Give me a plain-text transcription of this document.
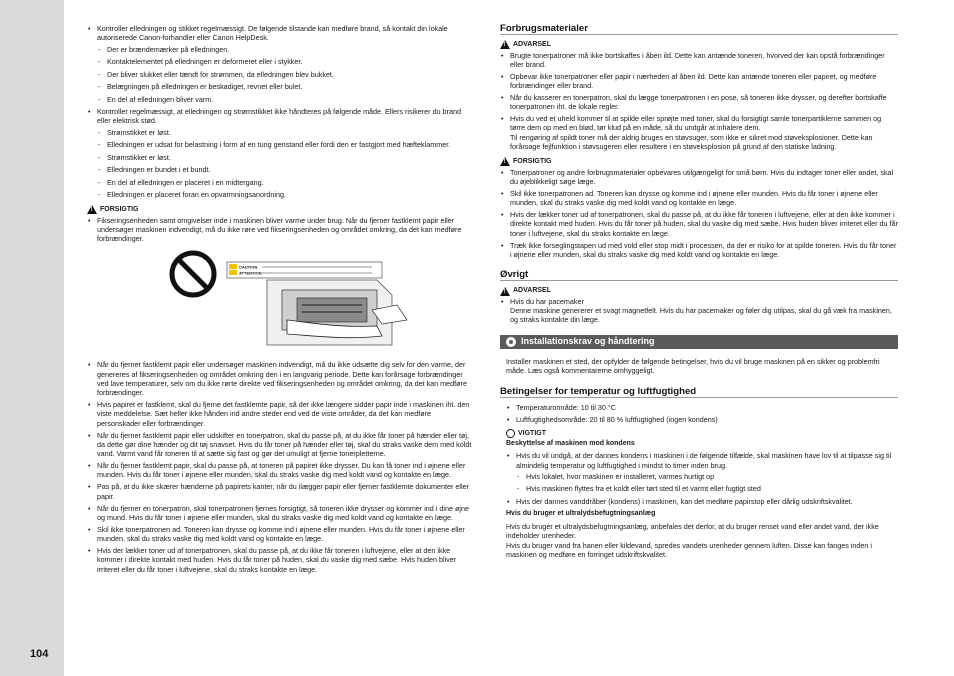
104
• Kontroller elledningen og stikket regelmæssigt. De følgende tilstande kan medføre brand, så kontakt din lokale autoriserede Canon-forhandler eller Canon HelpDesk.
- Der er brændemærker på elledningen.
- Kontaktelementet på elledningen er deformeret eller i stykker.
- Der bliver slukket eller tændt for strømmen, da elledningen blev bukket.
- Belægningen på elledningen er beskadiget, revnet eller bulet.
- En del af elledningen bliver varm.
• Kontroller regelmæssigt, at elledningen og strømstikket ikke håndteres på følgende måde. Ellers risikerer du brand eller elektrisk stød.
- Strømstikket er løst.
- Elledningen er udsat for belastning i form af en tung genstand eller fordi den er fastgjort med hæfteklammer.
- Strømstikket er løst.
- Elledningen er bundet i et bundt.
- En del af elledningen er placeret i en midtergang.
- Elledningen er placeret foran en opvarmningsanordning.
!
FORSIGTIG
• Fikseringsenheden samt omgivelser inde i maskinen bliver varme under brug. Når du fjerner fastklemt papir eller undersøger maskinen indvendigt, må du ikke røre ved fikseringsenheden og området omkring, da det kan medføre forbrændinger.
CAUTION
ATTENTION
• Når du fjerner fastklemt papir eller undersøger maskinen indvendigt, må du ikke udsætte dig selv for den varme, der genereres af fikseringsenheden og området omkring den i en langvarig periode. Dette kan forårsage forbrændinger ved lave temperaturer, selv om du ikke rørte direkte ved fikseringsenheden og området omkring, da det kan medføre forbrændinger.
• Hvis papiret er fastklemt, skal du fjerne det fastklemte papir, så der ikke længere sidder papir inde i maskinen iht. den viste meddelelse. Sæt heller ikke hånden ind andre steder end ved de viste områder, da det kan medføre personskader eller forbrændinger.
• Når du fjerner fastklemt papir eller udskifter en tonerpatron, skal du passe på, at du ikke får toner på hænder eller tøj, da dette gør dine hænder og dit tøj snavset. Hvis du får toner på hænder eller tøj, skal du straks vaske dem med koldt vand. Varmt vand får toneren til at sætte sig fast og gør det umuligt at fjerne tonerpletterne.
• Når du fjerner fastklemt papir, skal du passe på, at toneren på papiret ikke drysser. Du kan få toner ind i øjnene eller munden. Hvis du får toner i øjnene eller munden, skal du straks vaske dig med koldt vand og kontakte en læge.
• Pas på, at du ikke skærer hænderne på papirets kanter, når du ilægger papir eller fjerner fastklemte dokumenter eller papir.
• Når du fjerner en tonerpatron, skal tonerpatronen fjernes forsigtigt, så toneren ikke drysser og kommer ind i dine øjne og mund. Hvis du får toner i øjnene eller munden, skal du straks vaske dig med koldt vand og kontakte en læge.
• Skil ikke tonerpatronen ad. Toneren kan drysse og komme ind i øjnene eller munden. Hvis du får toner i øjnene eller munden, skal du straks vaske dig med koldt vand og kontakte en læge.
• Hvis der lækker toner ud af tonerpatronen, skal du passe på, at du ikke får toneren i luftvejene, eller at den ikke kommer i direkte kontakt med huden. Hvis du får toner på huden, skal du vaske dig med sæbe. Hvis huden bliver irriteret eller du får toner i luftvejene, skal du straks kontakte en læge.
Forbrugsmaterialer
!
ADVARSEL
• Brugte tonerpatroner må ikke bortskaffes i åben ild. Dette kan antænde toneren, hvorved der kan opstå forbrændinger eller brand.
• Opbevar ikke tonerpatroner eller papir i nærheden af åben ild. Dette kan antænde toneren eller papiret, og medføre forbrændinger eller brand.
• Når du kasserer en tonerpatron, skal du lægge tonerpatronen i en pose, så toneren ikke drysser, og derefter bortskaffe tonerpatronen iht. de lokale regler.
• Hvis du ved et uheld kommer til at spilde eller sprøjte med toner, skal du forsigtigt samle tonerpartiklerne sammen og tørre dem op med en blød, tør klud på en måde, så du undgår at inhalere dem.
Til rengøring af spildt toner må der aldrig bruges en støvsuger, som ikke er sikret mod støveksplosioner. Dette kan forårsage fejlfunktion i støvsugeren eller resultere i en støveksplosion på grund af den statiske ladning.
!
FORSIGTIG
• Tonerpatroner og andre forbrugsmaterialer opbevares utilgængeligt for små børn. Hvis du indtager toner eller andet, skal du øjeblikkeligt søge læge.
• Skil ikke tonerpatronen ad. Toneren kan drysse og komme ind i øjnene eller munden. Hvis du får toner i øjnene eller munden, skal du straks vaske dig med koldt vand og kontakte en læge.
• Hvis der lækker toner ud af tonerpatronen, skal du passe på, at du ikke får toneren i luftvejene, eller at den ikke kommer i direkte kontakt med huden. Hvis du får toner på huden, skal du vaske dig med sæbe. Hvis huden bliver irriteret eller du får toner i luftvejene, skal du straks kontakte en læge.
• Træk ikke forseglingstapen ud med vold eller stop midt i processen, da der er risiko for at spilde toneren. Hvis du får toner i øjnene eller munden, skal du straks vaske dig med koldt vand og kontakte en læge.
Øvrigt
!
ADVARSEL
• Hvis du har pacemaker
Denne maskine genererer et svagt magnetfelt. Hvis du har pacemaker og føler dig utilpas, skal du gå væk fra maskinen, og straks kontakte din læge.
Installationskrav og håndtering

Installer maskinen et sted, der opfylder de følgende betingelser, hvis du vil bruge maskinen på en sikker og problemfri måde. Læs også kommentarerne omhyggeligt.

Betingelser for temperatur og luftfugtighed
• Temperaturområde: 10 til 30 °C
• Luftfugtighedsområde: 20 til 80 % luftfugtighed (ingen kondens)
VIGTIGT
Beskyttelse af maskinen mod kondens
• Hvis du vil undgå, at der dannes kondens i maskinen i de følgende tilfælde, skal maskinen have lov til at tilpasse sig til almindelig temperatur og luftfugtighed i mindst to timer inden brug.
- Hvis lokalet, hvor maskinen er installeret, varmes hurtigt op
- Hvis maskinen flyttes fra et koldt eller tørt sted til et varmt eller fugtigt sted
• Hvis der dannes vanddråber (kondens) i maskinen, kan det medføre papirstop eller dårlig udskriftskvalitet.
Hvis du bruger et ultralydsbefugtningsanlæg

Hvis du bruger et ultralydsbefugtningsanlæg, anbefales det derfor, at du bruger renset vand eller andet vand, der ikke indeholder urenheder.

Hvis du bruger vand fra hanen eller kildevand, spredes vandets urenheder gennem luften. Disse kan fanges inden i maskinen og medføre en forringet udskriftskvalitet.
